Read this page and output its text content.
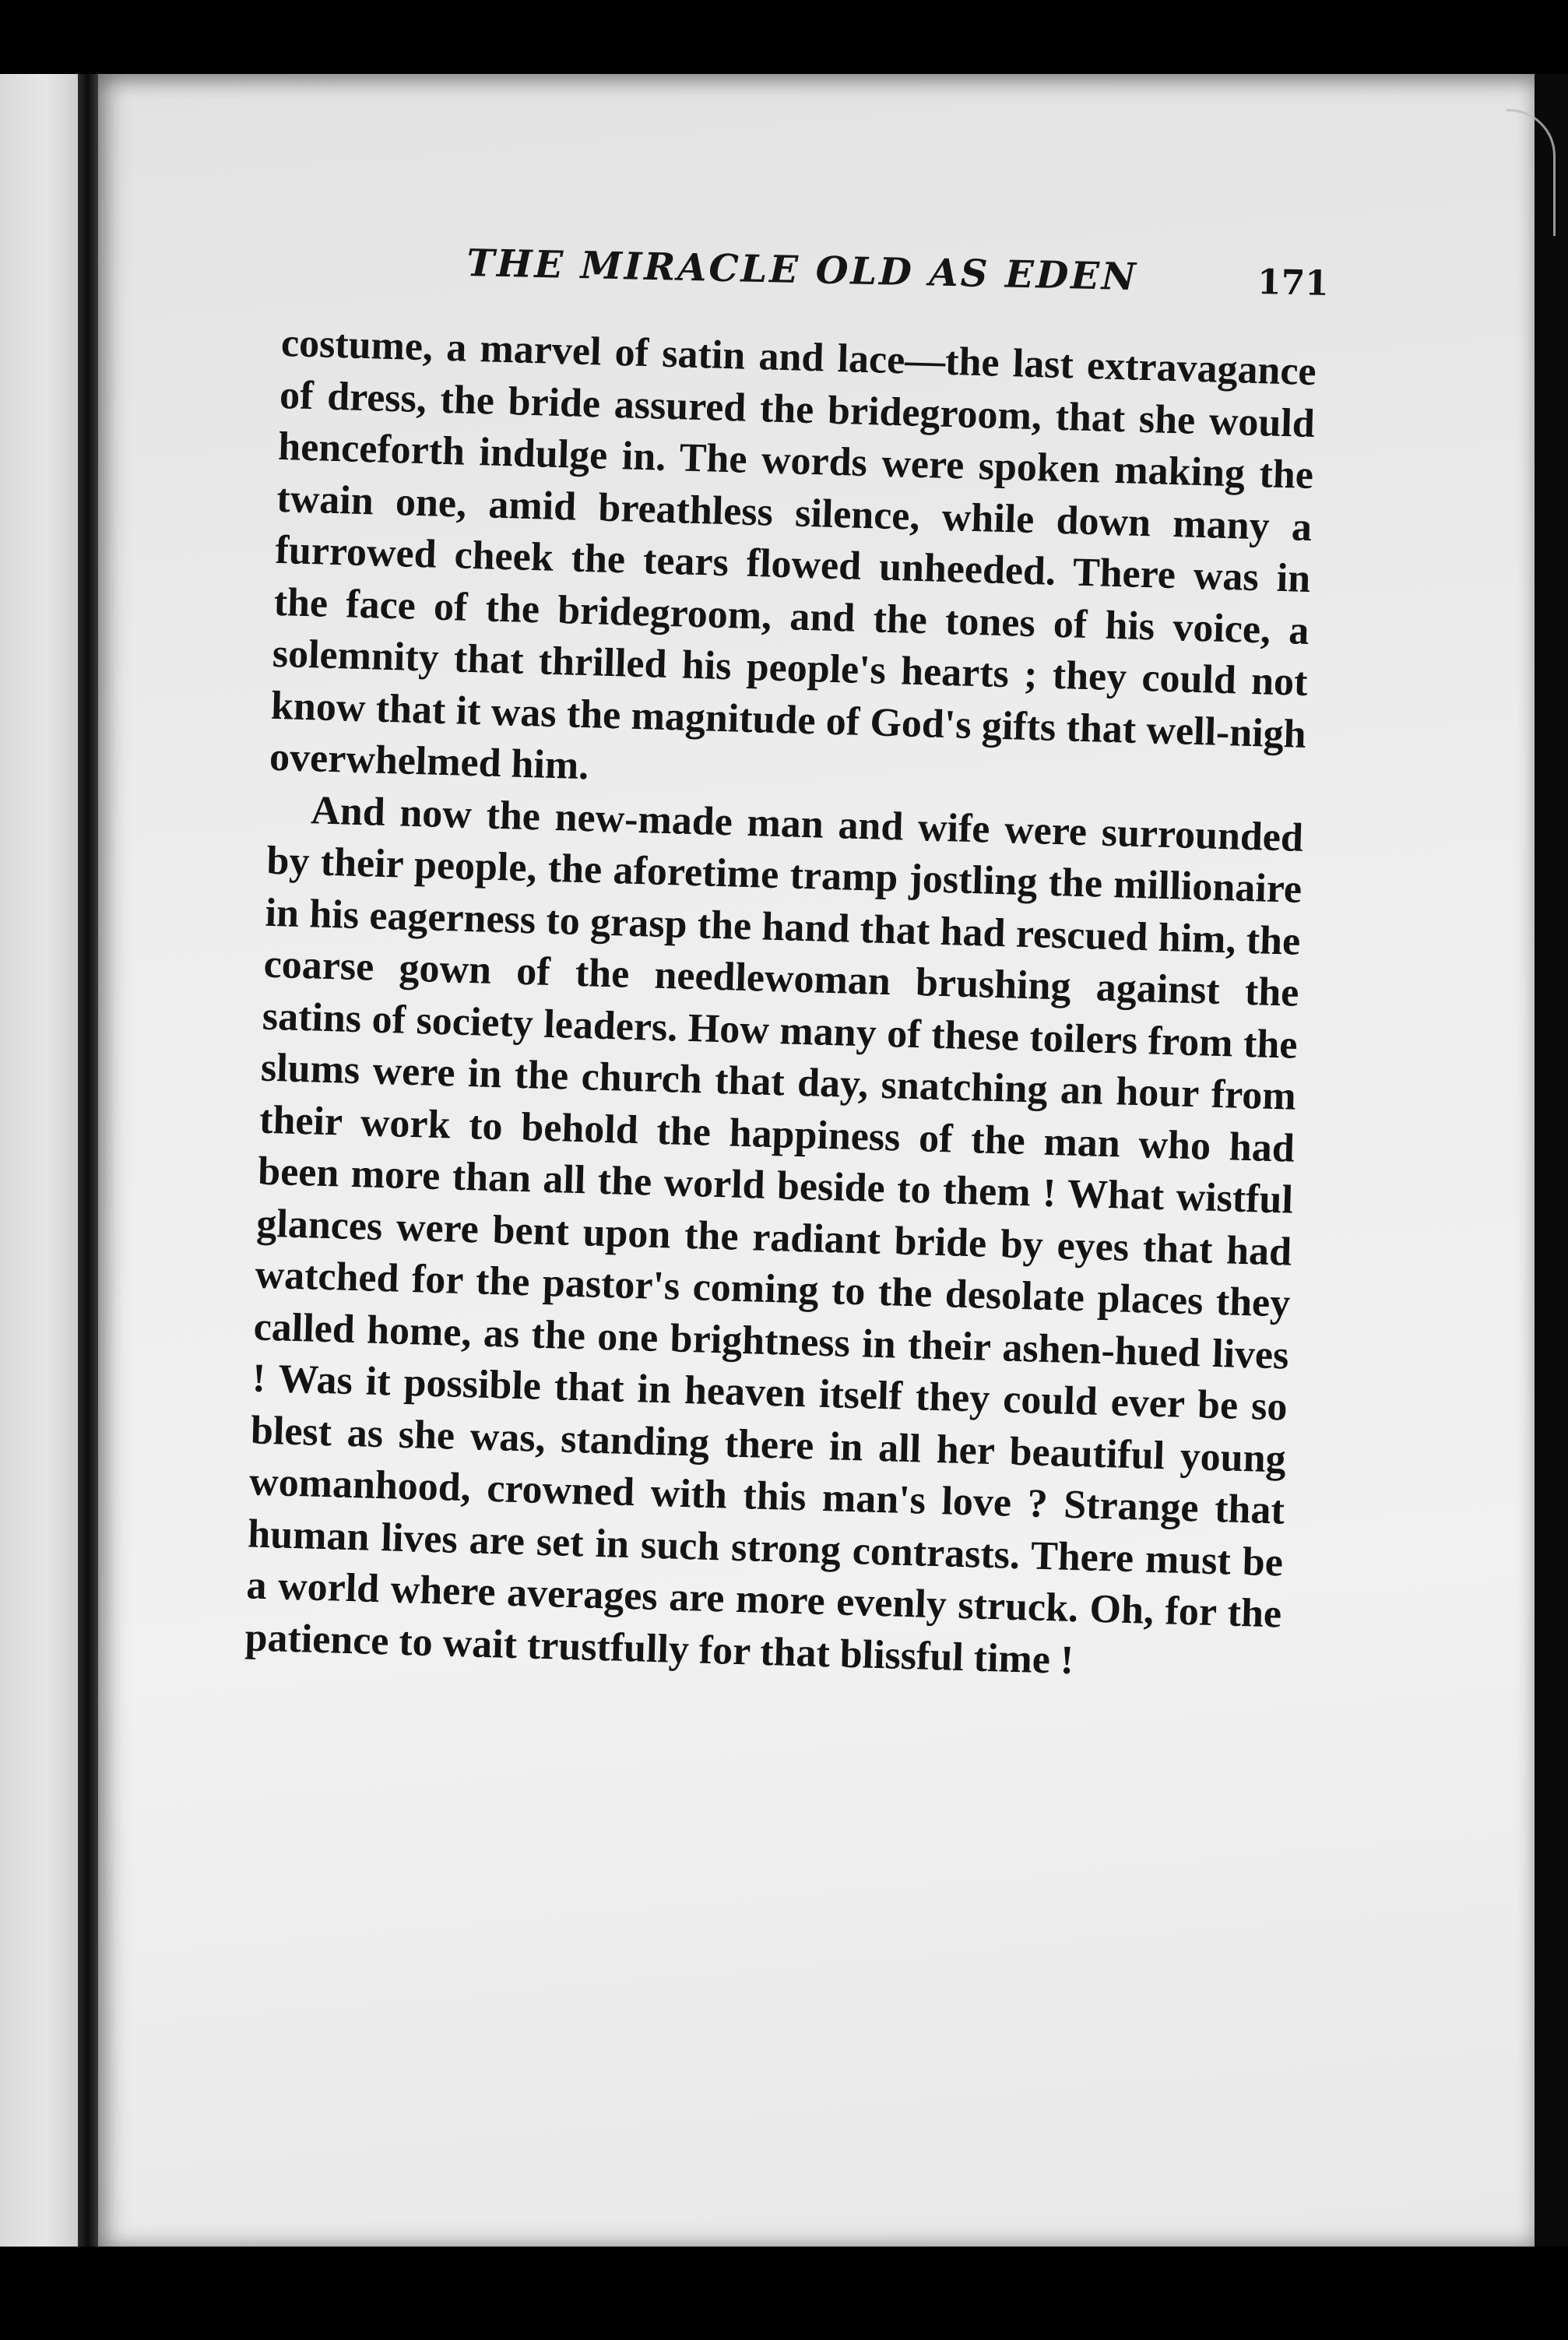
THE MIRACLE OLD AS EDEN	171

costume, a marvel of satin and lace—the last extravagance of dress, the bride assured the bridegroom, that she would henceforth indulge in. The words were spoken making the twain one, amid breathless silence, while down many a furrowed cheek the tears flowed unheeded. There was in the face of the bridegroom, and the tones of his voice, a solemnity that thrilled his people's hearts ; they could not know that it was the magnitude of God's gifts that well-nigh overwhelmed him.

And now the new-made man and wife were surrounded by their people, the aforetime tramp jostling the millionaire in his eagerness to grasp the hand that had rescued him, the coarse gown of the needlewoman brushing against the satins of society leaders. How many of these toilers from the slums were in the church that day, snatching an hour from their work to behold the happiness of the man who had been more than all the world beside to them ! What wistful glances were bent upon the radiant bride by eyes that had watched for the pastor's coming to the desolate places they called home, as the one brightness in their ashen-hued lives ! Was it possible that in heaven itself they could ever be so blest as she was, standing there in all her beautiful young womanhood, crowned with this man's love ? Strange that human lives are set in such strong contrasts. There must be a world where averages are more evenly struck. Oh, for the patience to wait trustfully for that blissful time !
